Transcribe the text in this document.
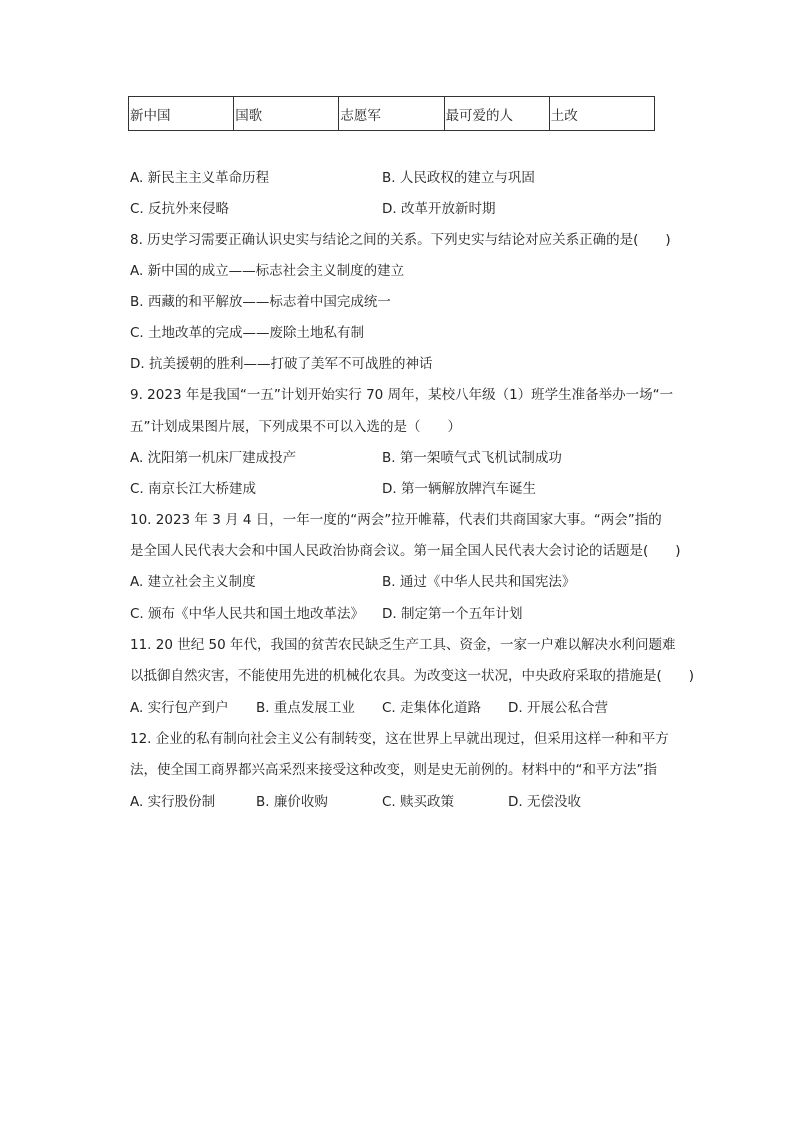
新中国	国歌	志愿军	最可爱的人	土改
A. 新民主主义革命历程	B. 人民政权的建立与巩固
C. 反抗外来侵略	D. 改革开放新时期
8. 历史学习需要正确认识史实与结论之间的关系。下列史实与结论对应关系正确的是(　　)
A. 新中国的成立——标志社会主义制度的建立
B. 西藏的和平解放——标志着中国完成统一
C. 土地改革的完成——废除土地私有制
D. 抗美援朝的胜利——打破了美军不可战胜的神话
9. 2023 年是我国“一五”计划开始实行 70 周年，某校八年级（1）班学生准备举办一场“一
五”计划成果图片展，下列成果不可以入选的是（　　）
A. 沈阳第一机床厂建成投产	B. 第一架喷气式飞机试制成功
C. 南京长江大桥建成	D. 第一辆解放牌汽车诞生
10. 2023 年 3 月 4 日，一年一度的“两会”拉开帷幕，代表们共商国家大事。“两会”指的
是全国人民代表大会和中国人民政治协商会议。第一届全国人民代表大会讨论的话题是(　　)
A. 建立社会主义制度	B. 通过《中华人民共和国宪法》
C. 颁布《中华人民共和国土地改革法》 D. 制定第一个五年计划
11. 20 世纪 50 年代，我国的贫苦农民缺乏生产工具、资金，一家一户难以解决水利问题难
以抵御自然灾害，不能使用先进的机械化农具。为改变这一状况，中央政府采取的措施是(　　)
A. 实行包产到户 B. 重点发展工业 C. 走集体化道路 D. 开展公私合营
12. 企业的私有制向社会主义公有制转变，这在世界上早就出现过，但采用这样一种和平方
法，使全国工商界都兴高采烈来接受这种改变，则是史无前例的。材料中的“和平方法”指
A. 实行股份制	B. 廉价收购	C. 赎买政策	D. 无偿没收
